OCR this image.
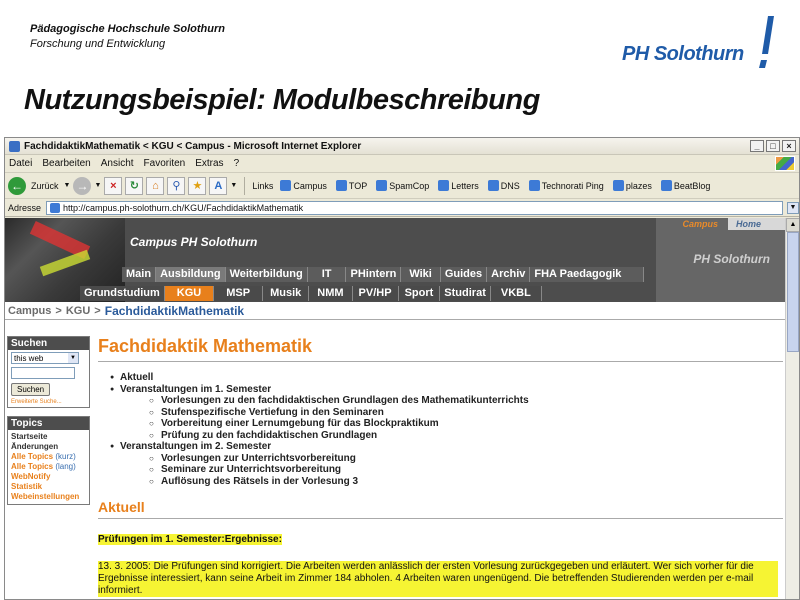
Pädagogische Hochschule Solothurn
Forschung und Entwicklung	PH Solothurn
Nutzungsbeispiel: Modulbeschreibung
FachdidaktikMathematik < KGU < Campus - Microsoft Internet Explorer	_	□	×
Datei Bearbeiten Ansicht Favoriten Extras ?
← Zurück ▼ → ▼ ×	↻	⌂	⚲	★	A	▼ Links Campus TOP SpamCop Letters DNS Technorati Ping plazes BeatBlog
Adresse http://campus.ph-solothurn.ch/KGU/FachdidaktikMathematik	▼
Campus PH Solothurn
Campus	Home
PH Solothurn
Main Ausbildung Weiterbildung	IT	PHintern	Wiki	Guides Archiv FHA Paedagogik
Grundstudium	KGU	MSP	Musik	NMM	PV/HP	Sport	Studirat	VKBL
Campus > KGU > FachdidaktikMathematik
Suchen
this web	▼
Suchen
Erweiterte Suche...
Topics
Startseite
Änderungen
Alle Topics (kurz)
Alle Topics (lang)
WebNotify
Statistik
Webeinstellungen
Fachdidaktik Mathematik
● Aktuell
● Veranstaltungen im 1. Semester
○ Vorlesungen zu den fachdidaktischen Grundlagen des Mathematikunterrichts
○ Stufenspezifische Vertiefung in den Seminaren
○ Vorbereitung einer Lernumgebung für das Blockpraktikum
○ Prüfung zu den fachdidaktischen Grundlagen
● Veranstaltungen im 2. Semester
○ Vorlesungen zur Unterrichtsvorbereitung
○ Seminare zur Unterrichtsvorbereitung
○ Auflösung des Rätsels in der Vorlesung 3
Aktuell
Prüfungen im 1. Semester:Ergebnisse:
13. 3. 2005: Die Prüfungen sind korrigiert. Die Arbeiten werden anlässlich der ersten Vorlesung zurückgegeben und erläutert. Wer sich vorher für die Ergebnisse interessiert, kann seine Arbeit im Zimmer 184 abholen. 4 Arbeiten waren ungenügend. Die betreffenden Studierenden werden per e-mail informiert.
▲
